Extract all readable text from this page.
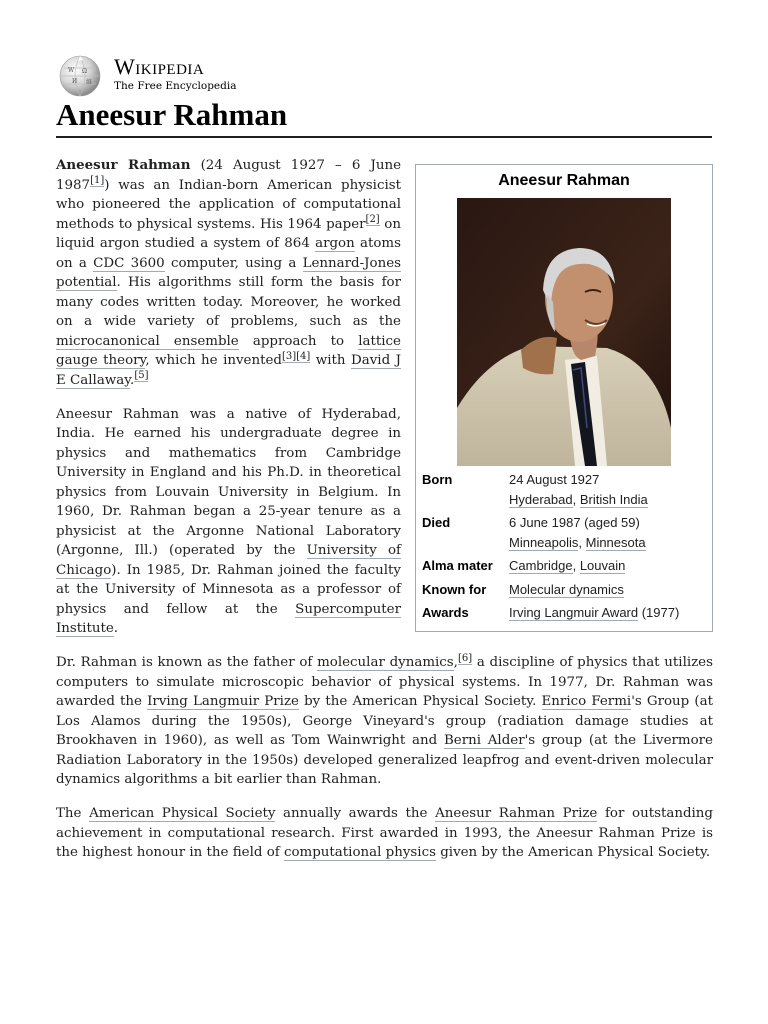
W Ω
И 維
Wikipedia
The Free Encyclopedia
Aneesur Rahman
Aneesur Rahman
Born	24 August 1927
Hyderabad, British India
Died	6 June 1987 (aged 59)
Minneapolis, Minnesota
Alma mater	Cambridge, Louvain
Known for	Molecular dynamics
Awards	Irving Langmuir Award (1977)

Aneesur Rahman (24 August 1927 – 6 June 1987[1]) was an Indian-born American physicist who pioneered the application of computational methods to physical systems. His 1964 paper[2] on liquid argon studied a system of 864 argon atoms on a CDC 3600 computer, using a Lennard-Jones potential. His algorithms still form the basis for many codes written today. Moreover, he worked on a wide variety of problems, such as the microcanonical ensemble approach to lattice gauge theory, which he invented[3][4] with David J E Callaway.[5]

Aneesur Rahman was a native of Hyderabad, India. He earned his undergraduate degree in physics and mathematics from Cambridge University in England and his Ph.D. in theoretical physics from Louvain University in Belgium. In 1960, Dr. Rahman began a 25-year tenure as a physicist at the Argonne National Laboratory (Argonne, Ill.) (operated by the University of Chicago). In 1985, Dr. Rahman joined the faculty at the University of Minnesota as a professor of physics and fellow at the Supercomputer Institute.

Dr. Rahman is known as the father of molecular dynamics,[6] a discipline of physics that utilizes computers to simulate microscopic behavior of physical systems. In 1977, Dr. Rahman was awarded the Irving Langmuir Prize by the American Physical Society. Enrico Fermi's Group (at Los Alamos during the 1950s), George Vineyard's group (radiation damage studies at Brookhaven in 1960), as well as Tom Wainwright and Berni Alder's group (at the Livermore Radiation Laboratory in the 1950s) developed generalized leapfrog and event-driven molecular dynamics algorithms a bit earlier than Rahman.

The American Physical Society annually awards the Aneesur Rahman Prize for outstanding achievement in computational research. First awarded in 1993, the Aneesur Rahman Prize is the highest honour in the field of computational physics given by the American Physical Society.
